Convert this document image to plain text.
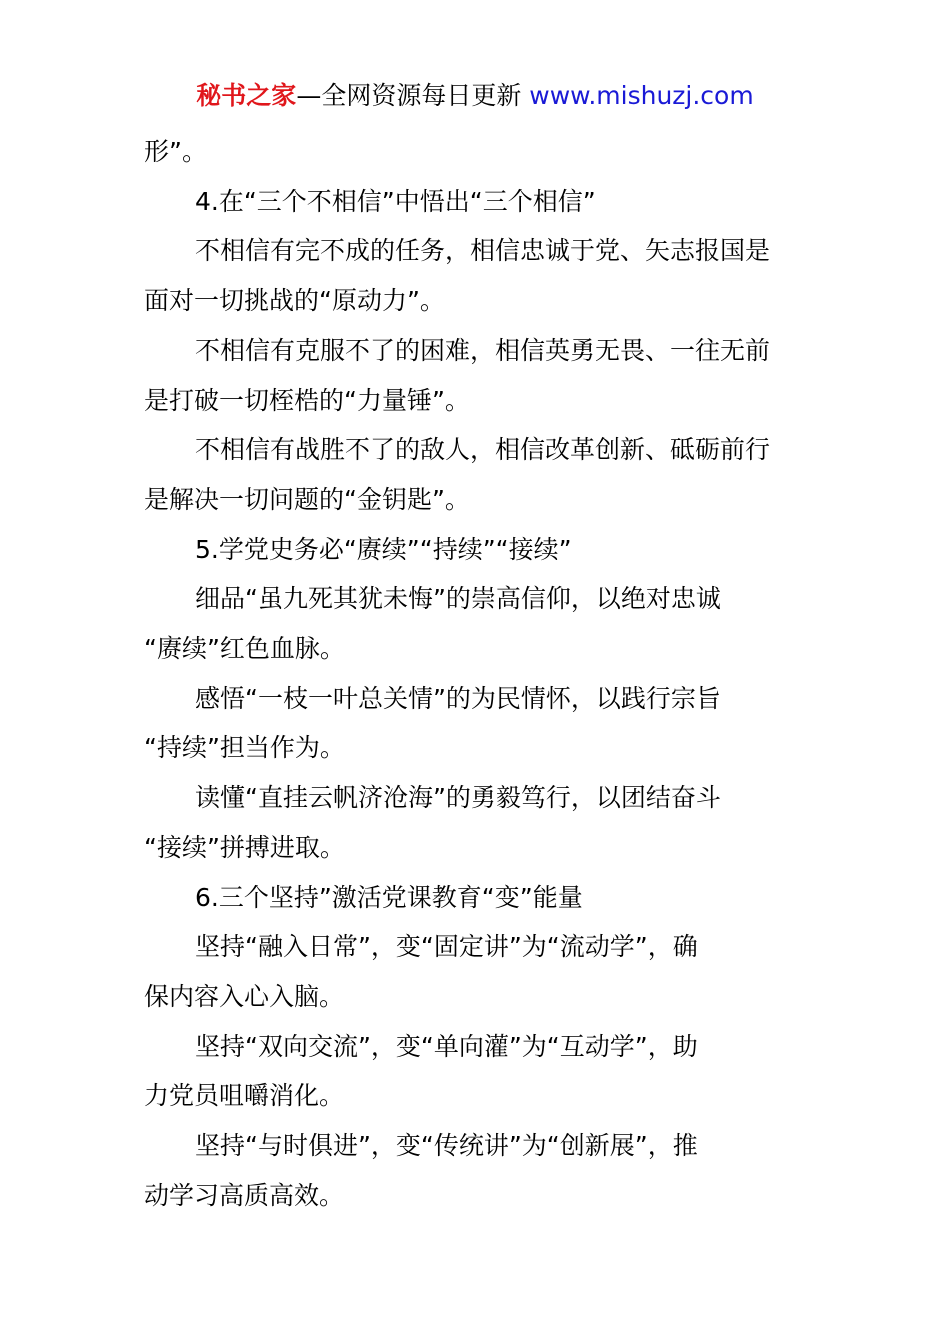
秘书之家—全网资源每日更新 www.mishuzj.com

形”。

4.在“三个不相信”中悟出“三个相信”

不相信有完不成的任务，相信忠诚于党、矢志报国是

面对一切挑战的“原动力”。

不相信有克服不了的困难，相信英勇无畏、一往无前

是打破一切桎梏的“力量锤”。

不相信有战胜不了的敌人，相信改革创新、砥砺前行

是解决一切问题的“金钥匙”。

5.学党史务必“赓续”“持续”“接续”

细品“虽九死其犹未悔”的崇高信仰，以绝对忠诚

“赓续”红色血脉。

感悟“一枝一叶总关情”的为民情怀，以践行宗旨

“持续”担当作为。

读懂“直挂云帆济沧海”的勇毅笃行，以团结奋斗

“接续”拼搏进取。

6.三个坚持”激活党课教育“变”能量

坚持“融入日常”，变“固定讲”为“流动学”，确

保内容入心入脑。

坚持“双向交流”，变“单向灌”为“互动学”，助

力党员咀嚼消化。

坚持“与时俱进”，变“传统讲”为“创新展”，推

动学习高质高效。
